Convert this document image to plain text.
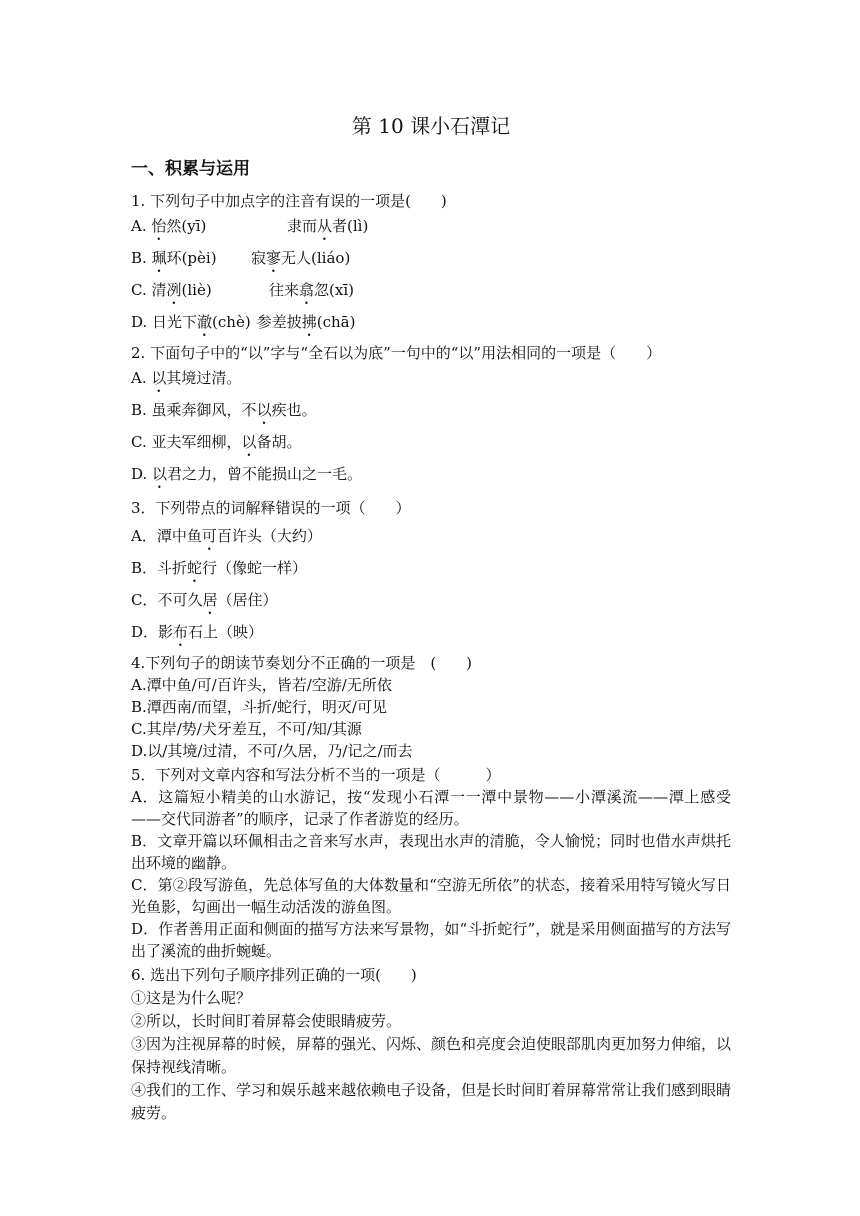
第 10 课小石潭记
一、积累与运用

1. 下列句子中加点字的注音有误的一项是(　　)

A. 怡然(yī)	隶而从者(lì)
B. 珮环(pèi)	寂寥无人(liáo)
C. 清冽(liè)	往来翕忽(xī)
D. 日光下澈(chè) 参差披拂(chā)

2. 下面句子中的“以”字与“全石以为底”一句中的“以”用法相同的一项是（　　）

A. 以其境过清。

B. 虽乘奔御风，不以疾也。

C. 亚夫军细柳，以备胡。

D. 以君之力，曾不能损山之一毛。

3．下列带点的词解释错误的一项（　　）

A．潭中鱼可百许头（大约）

B．斗折蛇行（像蛇一样）

C．不可久居（居住）

D．影布石上（映）

4.下列句子的朗读节奏划分不正确的一项是　(　　)

A.潭中鱼/可/百许头，皆若/空游/无所依

B.潭西南/而望，斗折/蛇行，明灭/可见

C.其岸/势/犬牙差互，不可/知/其源

D.以/其境/过清，不可/久居，乃/记之/而去

5．下列对文章内容和写法分析不当的一项是（　　　）

A．这篇短小精美的山水游记，按“发现小石潭一一潭中景物——小潭溪流——潭上感受——交代同游者”的顺序，记录了作者游览的经历。

B．文章开篇以环佩相击之音来写水声，表现出水声的清脆，令人愉悦；同时也借水声烘托出环境的幽静。

C．第②段写游鱼，先总体写鱼的大体数量和“空游无所依”的状态，接着采用特写镜火写日光鱼影，勾画出一幅生动活泼的游鱼图。

D．作者善用正面和侧面的描写方法来写景物，如“斗折蛇行”，就是采用侧面描写的方法写出了溪流的曲折蜿蜒。

6. 选出下列句子顺序排列正确的一项(　　)

①这是为什么呢？

②所以，长时间盯着屏幕会使眼睛疲劳。

③因为注视屏幕的时候，屏幕的强光、闪烁、颜色和亮度会迫使眼部肌肉更加努力伸缩，以保持视线清晰。

④我们的工作、学习和娱乐越来越依赖电子设备，但是长时间盯着屏幕常常让我们感到眼睛疲劳。
